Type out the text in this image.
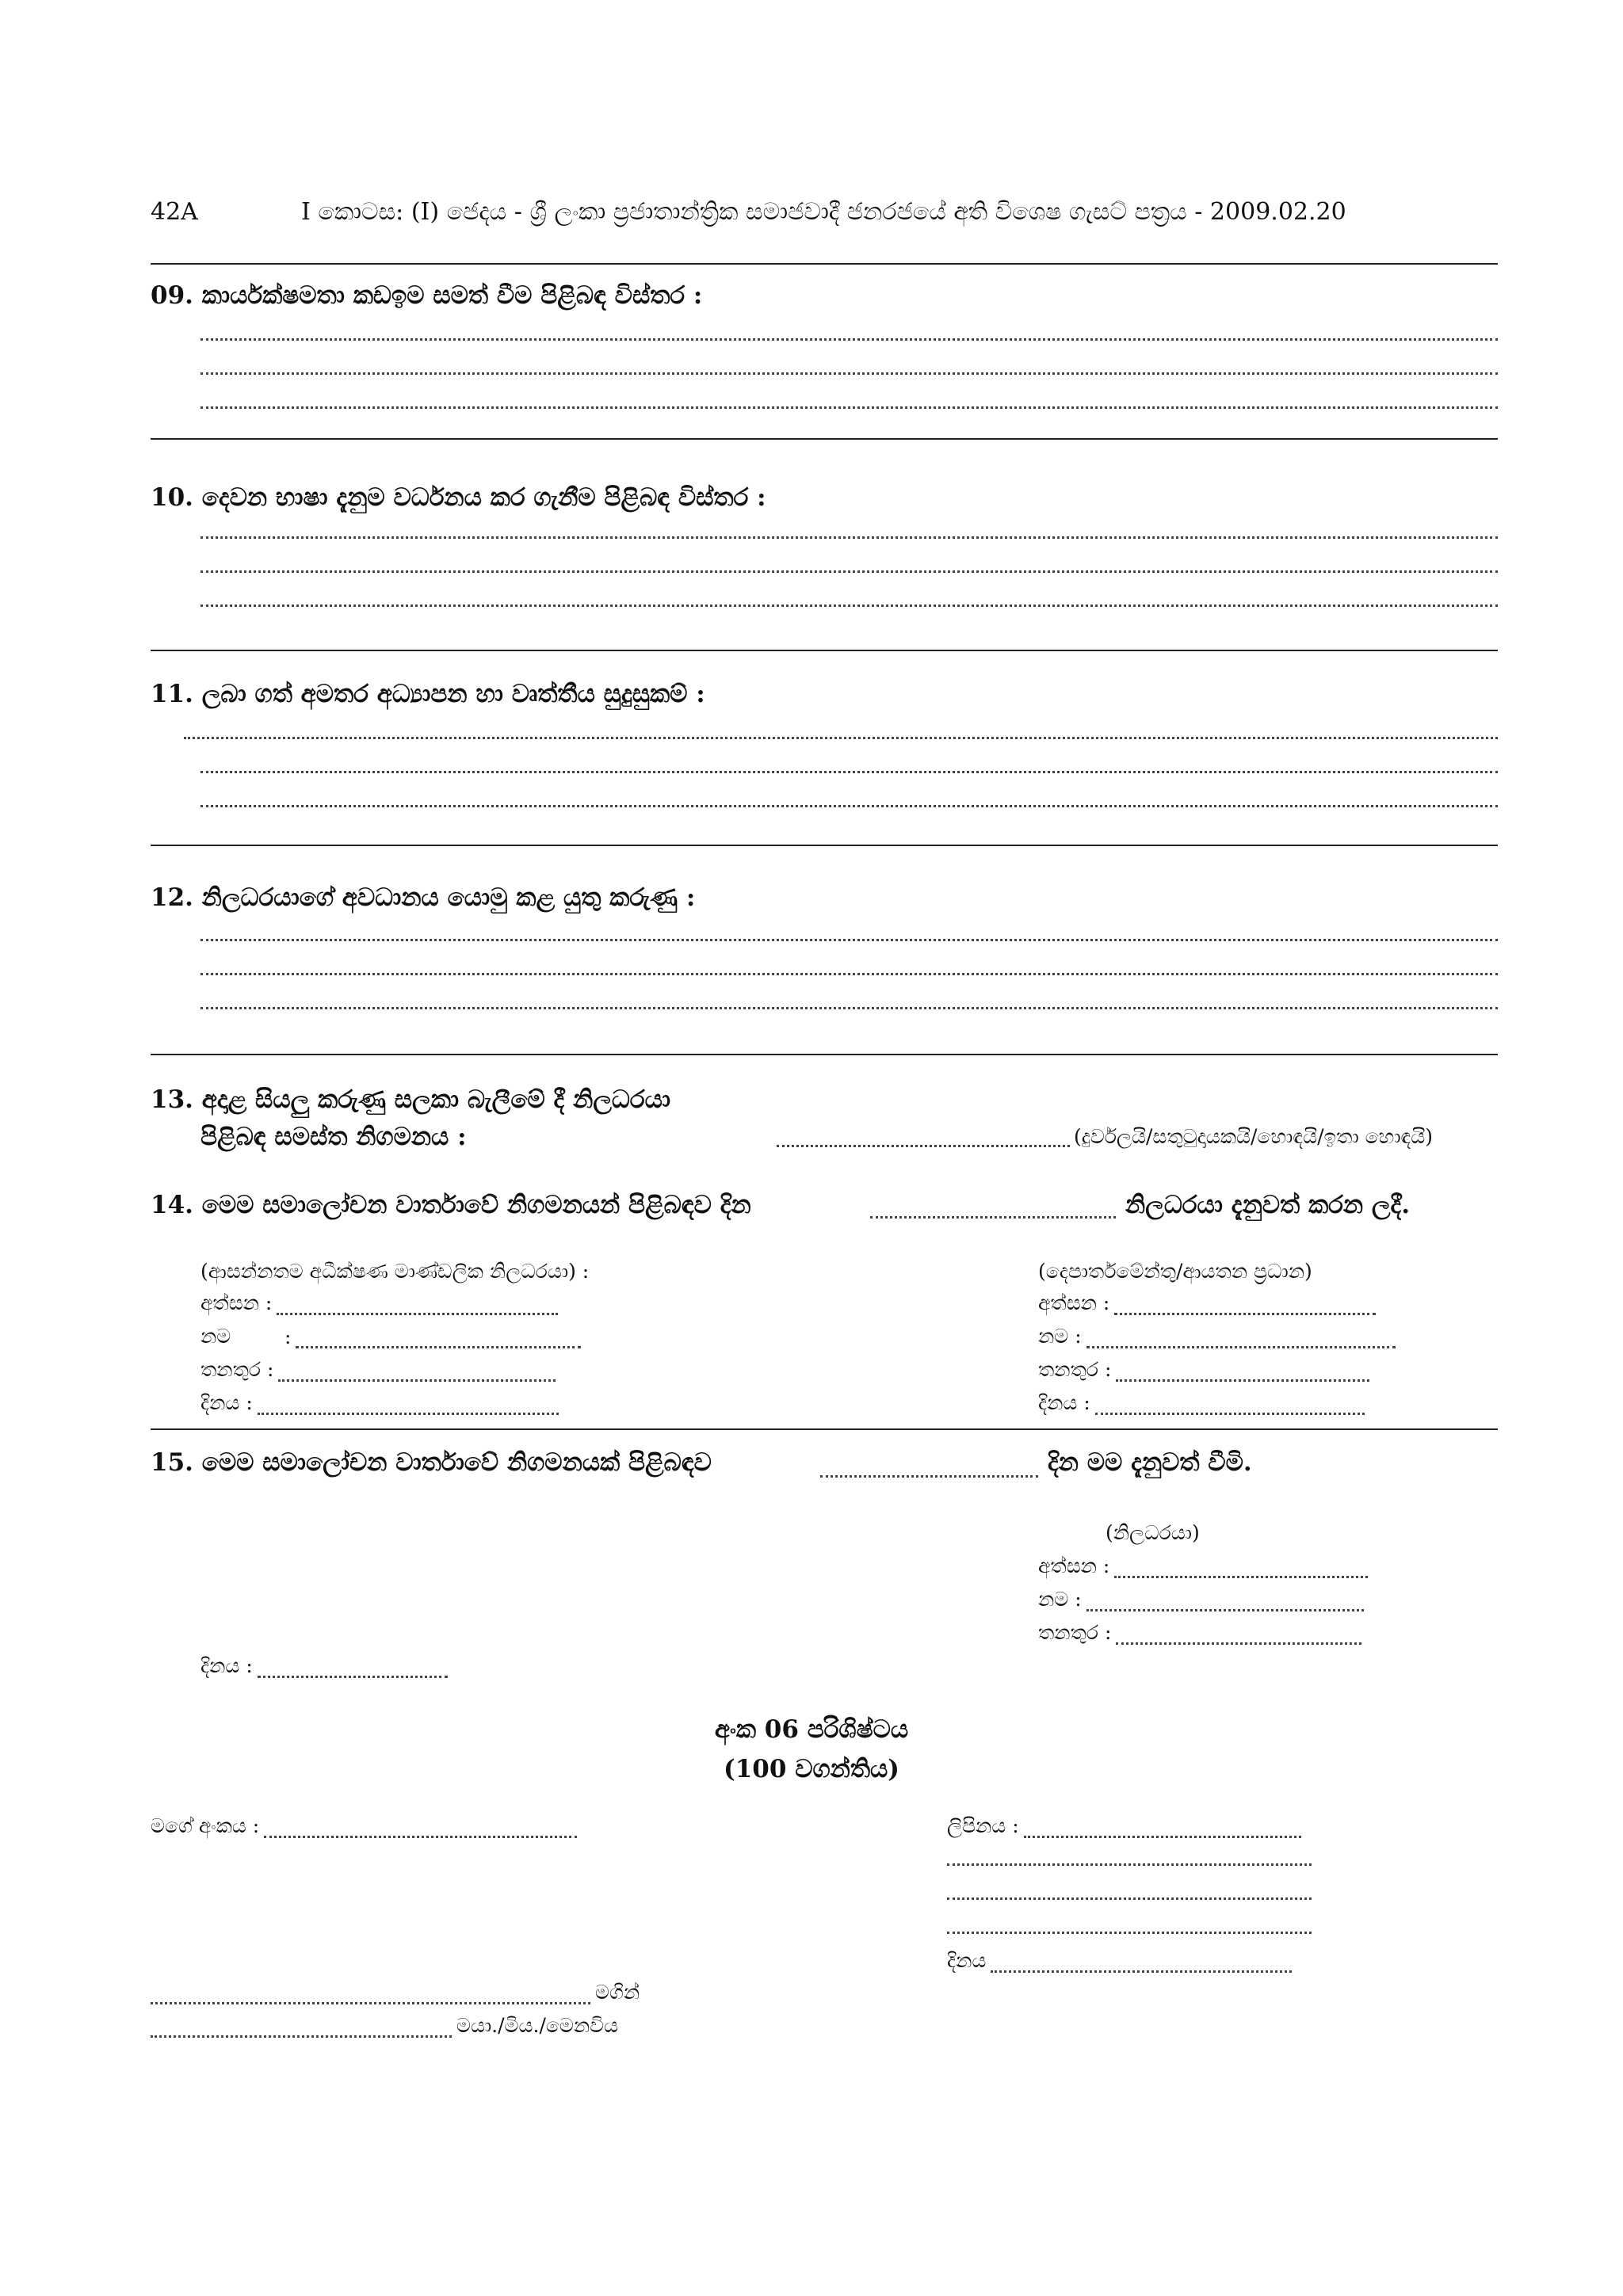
42A	I කොටස: (I) ජෙදය - ශ්‍රී ලංකා ප්‍රජාතාන්ත්‍රික සමාජවාදී ජනරජයේ අති විශෙෂ ගැසට් පත්‍රය - 2009.02.20
09. කාර්යක්ෂමතා කඩඉම සමත් වීම පිළිබඳ විස්තර :
10. දෙවන භාෂා දැනුම වර්ධනය කර ගැනීම පිළිබඳ විස්තර :
11. ලබා ගත් අමතර අධ්‍යාපන හා වෘත්තීය සුදුසුකම් :
12. නිලධරයාගේ අවධානය යොමු කළ යුතු කරුණු :
13. අදාළ සියලු කරුණු සලකා බැලීමේ දී නිලධරයා
පිළිබඳ සමස්ත නිගමනය :	(දුර්වලයි/සතුටුදායකයි/හොඳයි/ඉතා හොඳයි)
14. මෙම සමාලෝචන වාර්තාවේ නිගමනයන් පිළිබඳව දින	නිලධරයා දැනුවත් කරන ලදී.
(ආසන්නතම අධීක්ෂණ මාණ්ඩලික නිලධරයා) :
අත්සන :
නම	:
තනතුර :
දිනය :
(දෙපාර්තමේන්තු/ආයතන ප්‍රධාන)
අත්සන :
නම :
තනතුර :
දිනය :
15. මෙම සමාලෝචන වාර්තාවේ නිගමනයක් පිළිබඳව	දින මම දැනුවත් වීමි.
(නිලධරයා)
අත්සන :
නම :
තනතුර :
දිනය :
අංක 06 පරිශිෂ්ටය
(100 වගන්තිය)
මගේ අංකය :	ලිපිනය :
දිනය
මගින්
මයා./මිය./මෙනවිය
